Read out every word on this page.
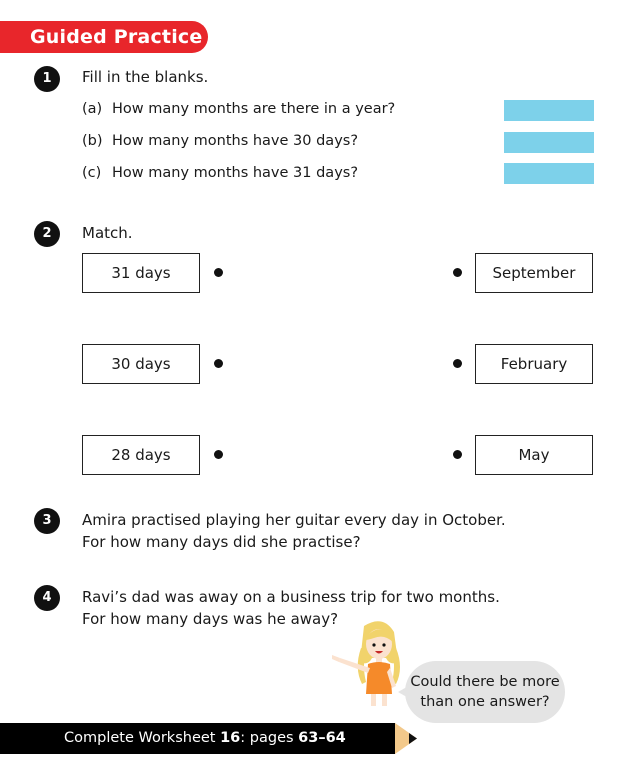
Guided Practice
1	Fill in the blanks.
(a) How many months are there in a year?
(b) How many months have 30 days?
(c) How many months have 31 days?
2	Match.
31 days	September
30 days	February
28 days	May
3	Amira practised playing her guitar every day in October.
For how many days did she practise?
4	Ravi’s dad was away on a business trip for two months.
For how many days was he away?
Could there be more
than one answer?
Complete Worksheet 16: pages 63–64
